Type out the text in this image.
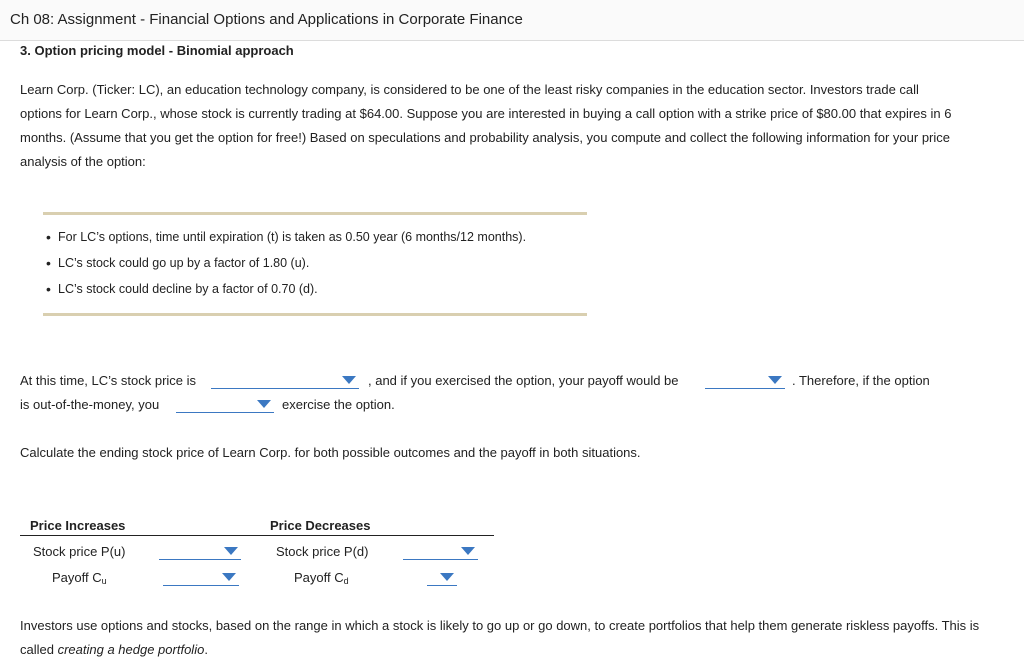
Ch 08: Assignment - Financial Options and Applications in Corporate Finance
3. Option pricing model - Binomial approach
Learn Corp. (Ticker: LC), an education technology company, is considered to be one of the least risky companies in the education sector. Investors trade call options for Learn Corp., whose stock is currently trading at $64.00. Suppose you are interested in buying a call option with a strike price of $80.00 that expires in 6 months. (Assume that you get the option for free!) Based on speculations and probability analysis, you compute and collect the following information for your price analysis of the option:
• For LC’s options, time until expiration (t) is taken as 0.50 year (6 months/12 months).
• LC’s stock could go up by a factor of 1.80 (u).
• LC’s stock could decline by a factor of 0.70 (d).
At this time, LC’s stock price is	, and if you exercised the option, your payoff would be	. Therefore, if the option
is out-of-the-money, you	exercise the option.
Calculate the ending stock price of Learn Corp. for both possible outcomes and the payoff in both situations.
Price Increases	Price Decreases
Stock price P(u)	Stock price P(d)
Payoff $C_u$	Payoff $C_d$
Investors use options and stocks, based on the range in which a stock is likely to go up or go down, to create portfolios that help them generate riskless payoffs. This is called creating a hedge portfolio.
